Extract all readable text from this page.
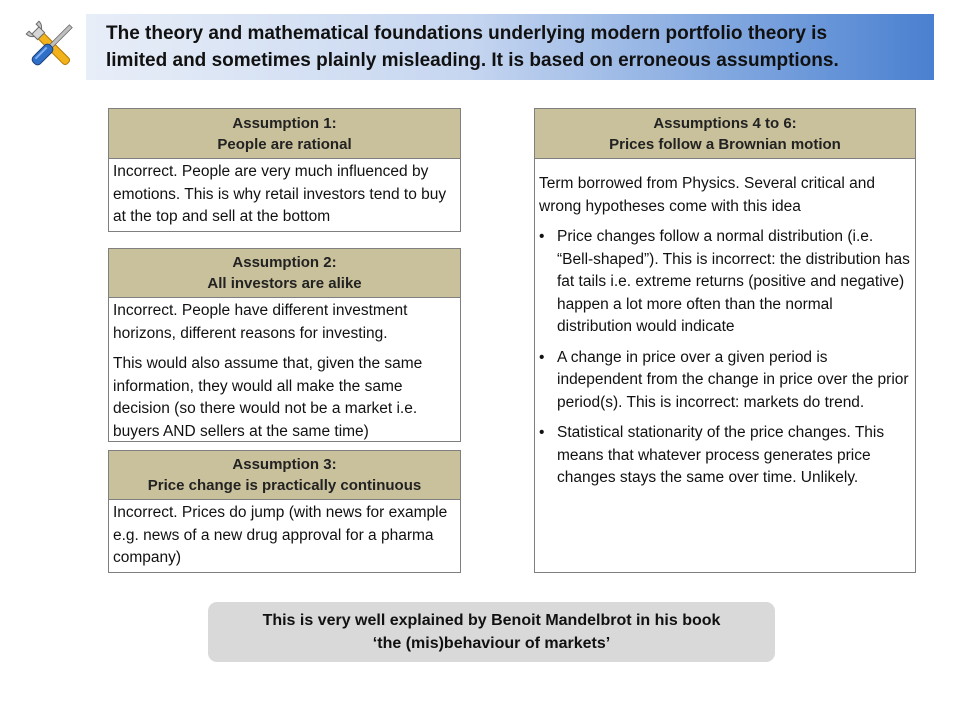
The theory and mathematical foundations underlying modern portfolio theory is
limited and sometimes plainly misleading. It is based on erroneous assumptions.
Assumption 1:
People are rational

Incorrect. People are very much influenced by emotions. This is why retail investors tend to buy at the top and sell at the bottom

Assumption 2:
All investors are alike

Incorrect. People have different investment horizons, different reasons for investing.

This would also assume that, given the same information, they would all make the same decision (so there would not be a market i.e. buyers AND sellers at the same time)

Assumption 3:
Price change is practically continuous

Incorrect. Prices do jump (with news for example e.g. news of a new drug approval for a pharma company)

Assumptions 4 to 6:
Prices follow a Brownian motion

Term borrowed from Physics. Several critical and wrong hypotheses come with this idea

• Price changes follow a normal distribution (i.e. “Bell-shaped”). This is incorrect: the distribution has fat tails i.e. extreme returns (positive and negative) happen a lot more often than the normal distribution would indicate
• A change in price over a given period is independent from the change in price over the prior period(s). This is incorrect: markets do trend.
• Statistical stationarity of the price changes. This means that whatever process generates price changes stays the same over time. Unlikely.
This is very well explained by Benoit Mandelbrot in his book
‘the (mis)behaviour of markets’
